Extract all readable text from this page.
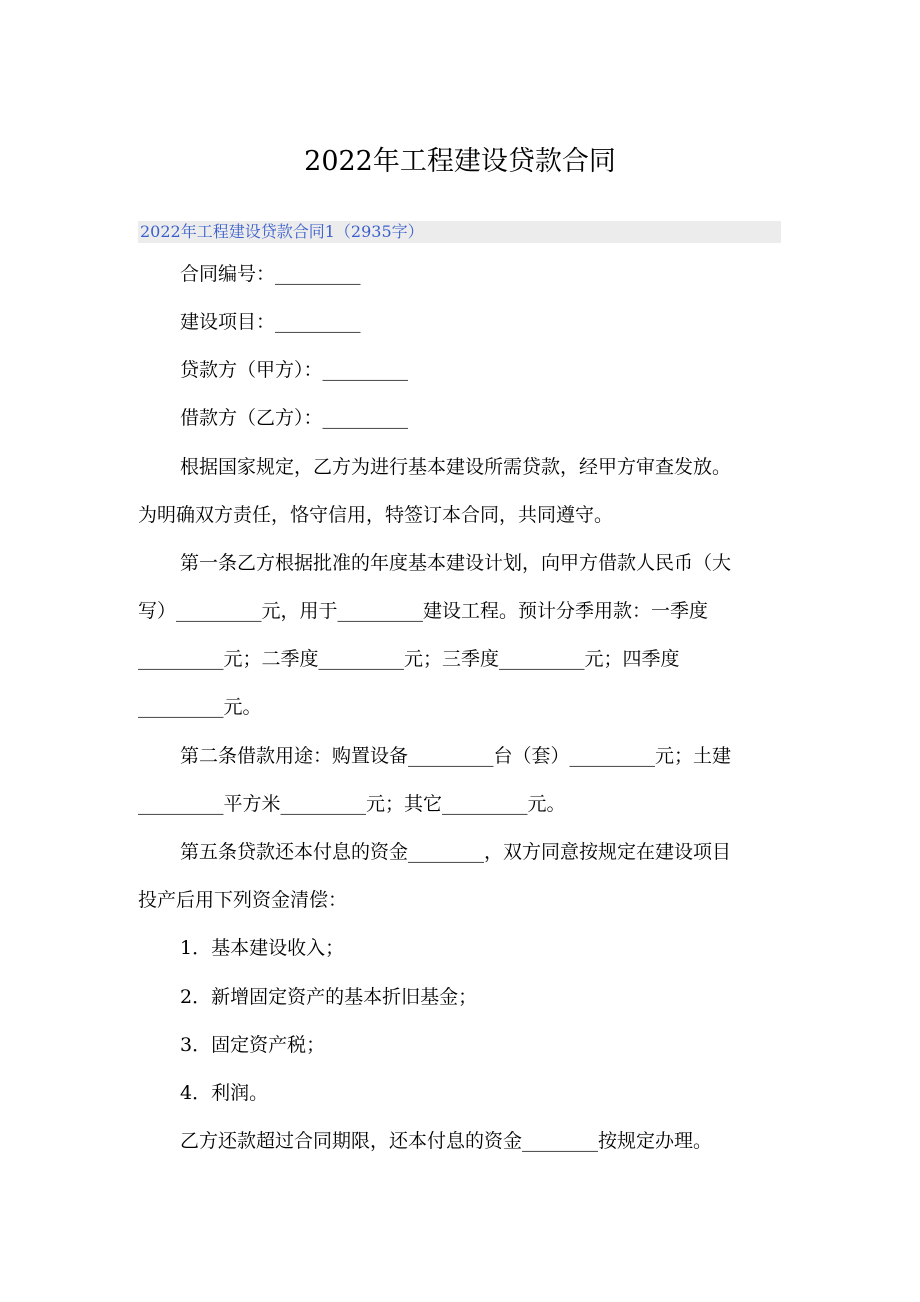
2022年工程建设贷款合同
2022年工程建设贷款合同1（2935字）
合同编号：_________
建设项目：_________
贷款方（甲方）：_________
借款方（乙方）：_________
根据国家规定，乙方为进行基本建设所需贷款，经甲方审查发放。
为明确双方责任，恪守信用，特签订本合同，共同遵守。
第一条乙方根据批准的年度基本建设计划，向甲方借款人民币（大
写）_________元，用于_________建设工程。预计分季用款：一季度
_________元；二季度_________元；三季度_________元；四季度
_________元。
第二条借款用途：购置设备_________台（套）_________元；土建
_________平方米_________元；其它_________元。
第五条贷款还本付息的资金________，双方同意按规定在建设项目
投产后用下列资金清偿：
1．基本建设收入；
2．新增固定资产的基本折旧基金；
3．固定资产税；
4．利润。
乙方还款超过合同期限，还本付息的资金________按规定办理。
